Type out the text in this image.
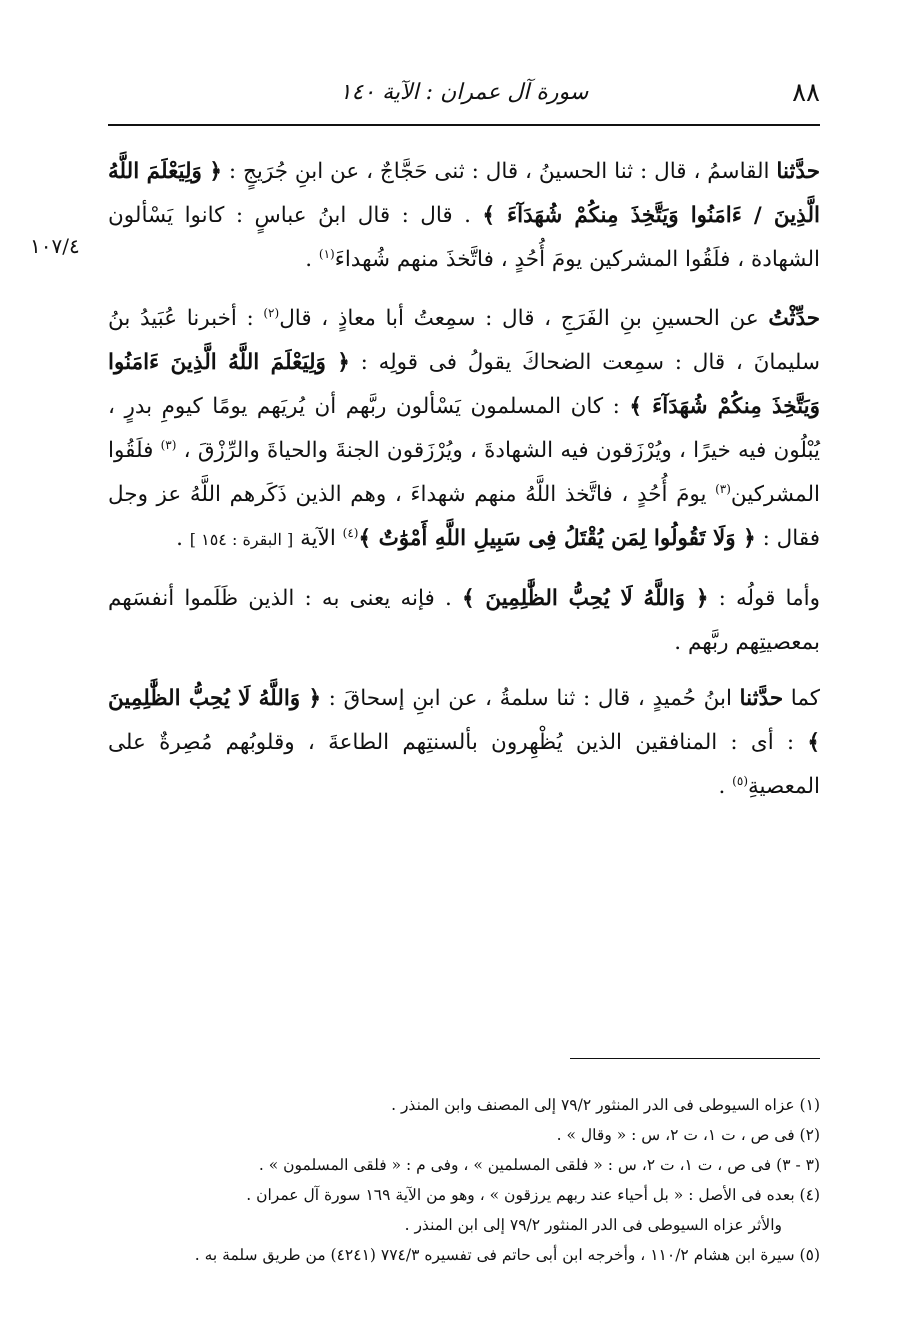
٨٨
سورة آل عمران : الآية ١٤٠
١٠٧/٤

حدَّثنا القاسمُ ، قال : ثنا الحسينُ ، قال : ثنى حَجَّاجٌ ، عن ابنِ جُرَيجٍ : ﴿ وَلِيَعْلَمَ اللَّهُ الَّذِينَ / ءَامَنُوا وَيَتَّخِذَ مِنكُمْ شُهَدَآءَ ﴾ . قال : قال ابنُ عباسٍ : كانوا يَسْألون الشهادة ، فلَقُوا المشركين يومَ أُحُدٍ ، فاتَّخذَ منهم شُهداءَ$^{(١)}$ .

حدِّثْتُ عن الحسينِ بنِ الفَرَجِ ، قال : سمِعتُ أبا معاذٍ ، قال$^{(٢)}$ : أخبرنا عُبَيدُ بنُ سليمانَ ، قال : سمِعت الضحاكَ يقولُ فى قولِه : ﴿ وَلِيَعْلَمَ اللَّهُ الَّذِينَ ءَامَنُوا وَيَتَّخِذَ مِنكُمْ شُهَدَآءَ ﴾ : كان المسلمون يَسْألون ربَّهم أن يُريَهم يومًا كيومِ بدرٍ ، يُبْلُون فيه خيرًا ، ويُرْزَقون فيه الشهادةَ ، ويُرْزَقون الجنةَ والحياةَ والرِّزْقَ ، $^{(٣)}$ فلَقُوا المشركين$^{(٣)}$ يومَ أُحُدٍ ، فاتَّخذ اللَّهُ منهم شهداءَ ، وهم الذين ذَكَرهم اللَّهُ عز وجل فقال : ﴿ وَلَا تَقُولُوا لِمَن يُقْتَلُ فِى سَبِيلِ اللَّهِ أَمْوَٰتٌ ﴾$^{(٤)}$ الآية [ البقرة : ١٥٤ ] .

وأما قولُه : ﴿ وَاللَّهُ لَا يُحِبُّ الظَّٰلِمِينَ ﴾ . فإنه يعنى به : الذين ظَلَموا أنفسَهم بمعصيتِهم ربَّهم .

كما حدَّثنا ابنُ حُميدٍ ، قال : ثنا سلمةُ ، عن ابنِ إسحاقَ : ﴿ وَاللَّهُ لَا يُحِبُّ الظَّٰلِمِينَ ﴾ : أى : المنافقين الذين يُظْهِرون بألسنتِهم الطاعةَ ، وقلوبُهم مُصِرةٌ على المعصيةِ$^{(٥)}$ .

(١) عزاه السيوطى فى الدر المنثور ٧٩/٢ إلى المصنف وابن المنذر .

(٢) فى ص ، ت ١، ت ٢، س : « وقال » .

(٣ - ٣) فى ص ، ت ١، ت ٢، س : « فلقى المسلمين » ، وفى م : « فلقى المسلمون » .

(٤) بعده فى الأصل : « بل أحياء عند ربهم يرزقون » ، وهو من الآية ١٦٩ سورة آل عمران .

والأثر عزاه السيوطى فى الدر المنثور ٧٩/٢ إلى ابن المنذر .

(٥) سيرة ابن هشام ١١٠/٢ ، وأخرجه ابن أبى حاتم فى تفسيره ٧٧٤/٣ (٤٢٤١) من طريق سلمة به .
